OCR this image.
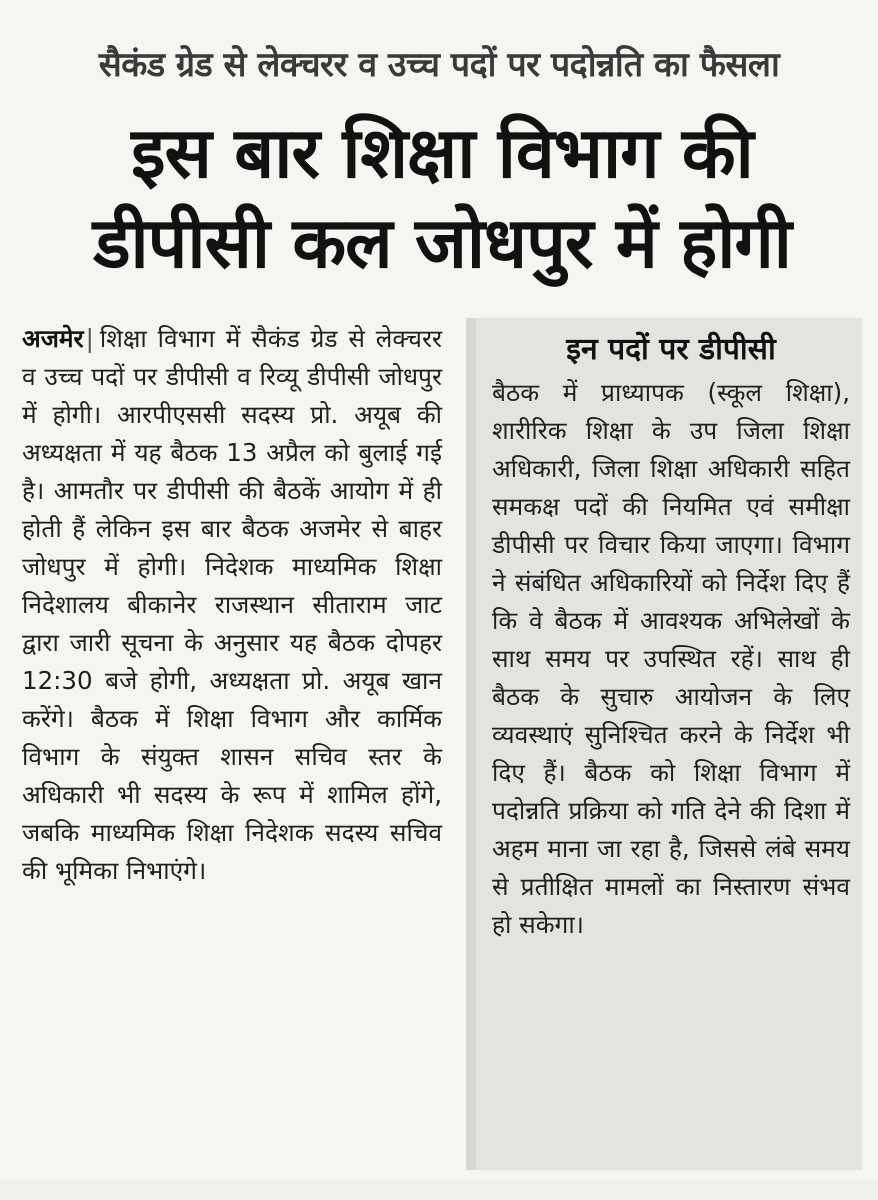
सैकंड ग्रेड से लेक्चरर व उच्च पदों पर पदोन्नति का फैसला
इस बार शिक्षा विभाग की
डीपीसी कल जोधपुर में होगी
अजमेर| शिक्षा विभाग में सैकंड ग्रेड से लेक्चरर व उच्च पदों पर डीपीसी व रिव्यू डीपीसी जोधपुर में होगी। आरपीएससी सदस्य प्रो. अयूब की अध्यक्षता में यह बैठक 13 अप्रैल को बुलाई गई है। आमतौर पर डीपीसी की बैठकें आयोग में ही होती हैं लेकिन इस बार बैठक अजमेर से बाहर जोधपुर में होगी। निदेशक माध्यमिक शिक्षा निदेशालय बीकानेर राजस्थान सीताराम जाट द्वारा जारी सूचना के अनुसार यह बैठक दोपहर 12:30 बजे होगी, अध्यक्षता प्रो. अयूब खान करेंगे। बैठक में शिक्षा विभाग और कार्मिक विभाग के संयुक्त शासन सचिव स्तर के अधिकारी भी सदस्य के रूप में शामिल होंगे, जबकि माध्यमिक शिक्षा निदेशक सदस्य सचिव की भूमिका निभाएंगे।
इन पदों पर डीपीसी
बैठक में प्राध्यापक (स्कूल शिक्षा), शारीरिक शिक्षा के उप जिला शिक्षा अधिकारी, जिला शिक्षा अधिकारी सहित समकक्ष पदों की नियमित एवं समीक्षा डीपीसी पर विचार किया जाएगा। विभाग ने संबंधित अधिकारियों को निर्देश दिए हैं कि वे बैठक में आवश्यक अभिलेखों के साथ समय पर उपस्थित रहें। साथ ही बैठक के सुचारु आयोजन के लिए व्यवस्थाएं सुनिश्चित करने के निर्देश भी दिए हैं। बैठक को शिक्षा विभाग में पदोन्नति प्रक्रिया को गति देने की दिशा में अहम माना जा रहा है, जिससे लंबे समय से प्रतीक्षित मामलों का निस्तारण संभव हो सकेगा।
